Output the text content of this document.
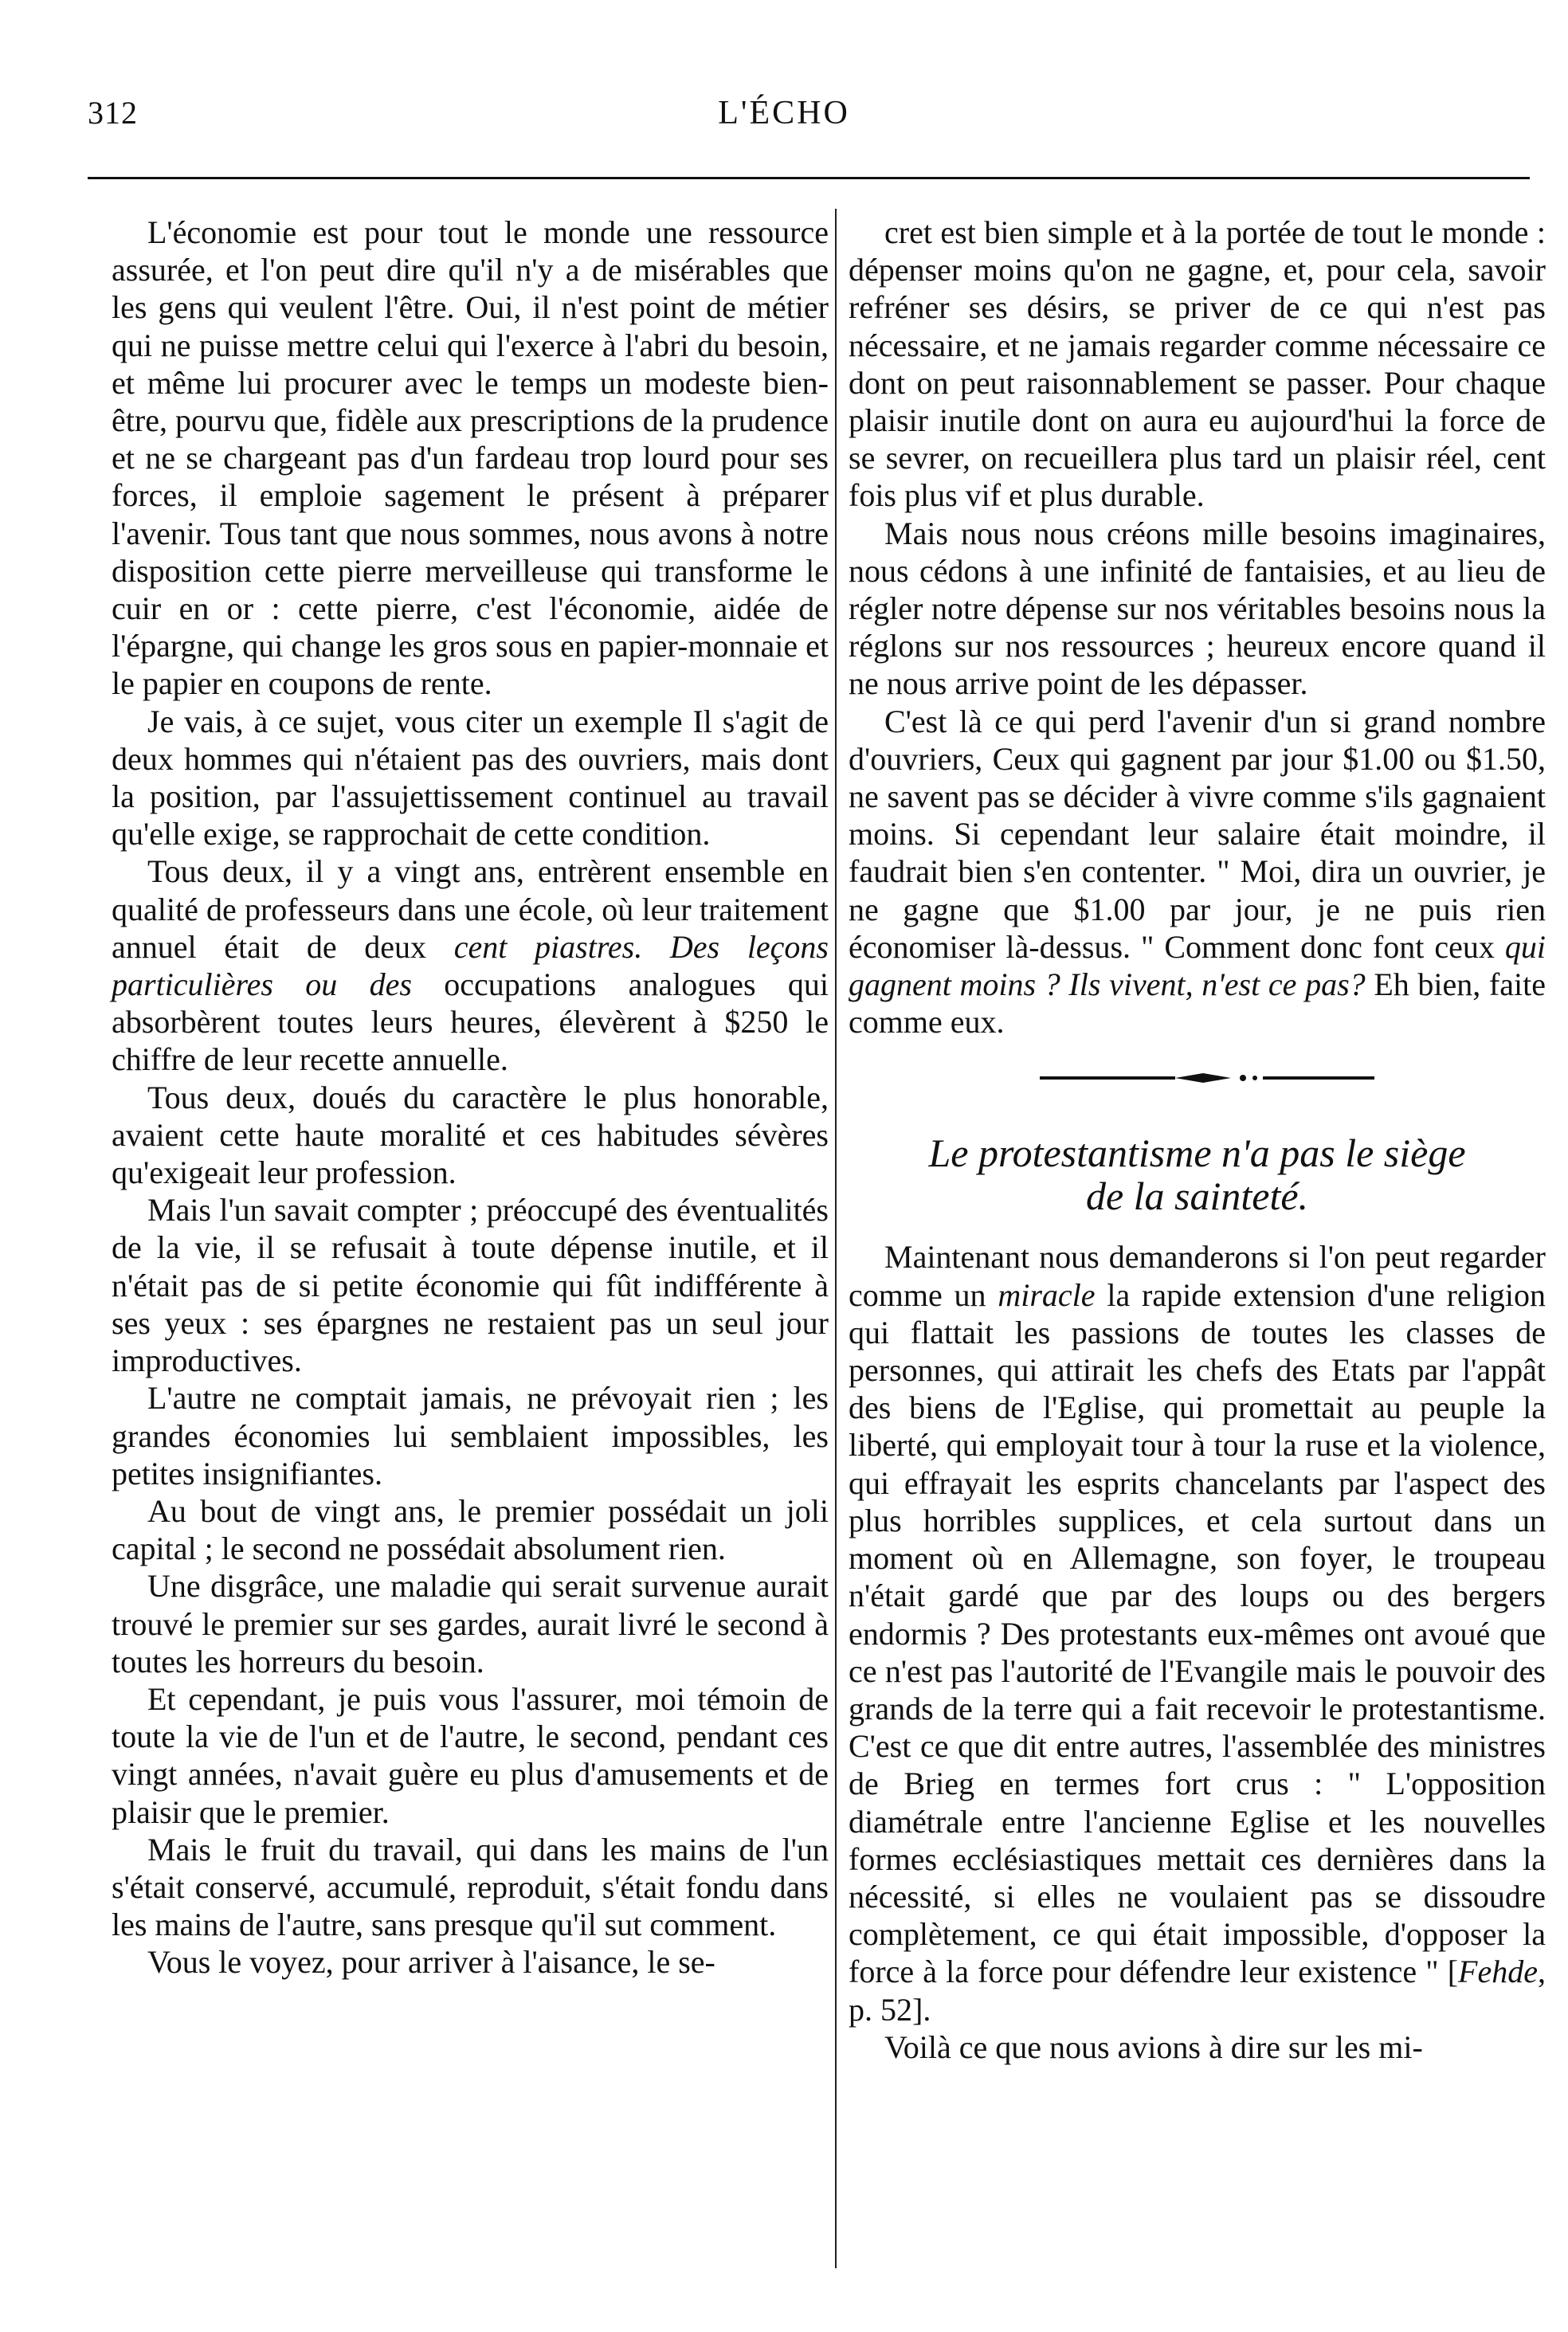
312	L'ÉCHO

L'économie est pour tout le monde une ressource assurée, et l'on peut dire qu'il n'y a de misérables que les gens qui veulent l'être. Oui, il n'est point de métier qui ne puisse mettre celui qui l'exerce à l'abri du besoin, et même lui procurer avec le temps un modeste bien-être, pourvu que, fidèle aux prescriptions de la prudence et ne se chargeant pas d'un fardeau trop lourd pour ses forces, il emploie sagement le présent à préparer l'avenir. Tous tant que nous sommes, nous avons à notre disposition cette pierre merveilleuse qui transforme le cuir en or : cette pierre, c'est l'économie, aidée de l'épargne, qui change les gros sous en papier-monnaie et le papier en coupons de rente.

Je vais, à ce sujet, vous citer un exemple Il s'agit de deux hommes qui n'étaient pas des ouvriers, mais dont la position, par l'assujettissement continuel au travail qu'elle exige, se rapprochait de cette condition.

Tous deux, il y a vingt ans, entrèrent ensemble en qualité de professeurs dans une école, où leur traitement annuel était de deux cent piastres. Des leçons particulières ou des occupations analogues qui absorbèrent toutes leurs heures, élevèrent à $250 le chiffre de leur recette annuelle.

Tous deux, doués du caractère le plus honorable, avaient cette haute moralité et ces habitudes sévères qu'exigeait leur profession.

Mais l'un savait compter ; préoccupé des éventualités de la vie, il se refusait à toute dépense inutile, et il n'était pas de si petite économie qui fût indifférente à ses yeux : ses épargnes ne restaient pas un seul jour improductives.

L'autre ne comptait jamais, ne prévoyait rien ; les grandes économies lui semblaient impossibles, les petites insignifiantes.

Au bout de vingt ans, le premier possédait un joli capital ; le second ne possédait absolument rien.

Une disgrâce, une maladie qui serait survenue aurait trouvé le premier sur ses gardes, aurait livré le second à toutes les horreurs du besoin.

Et cependant, je puis vous l'assurer, moi témoin de toute la vie de l'un et de l'autre, le second, pendant ces vingt années, n'avait guère eu plus d'amusements et de plaisir que le premier.

Mais le fruit du travail, qui dans les mains de l'un s'était conservé, accumulé, reproduit, s'était fondu dans les mains de l'autre, sans presque qu'il sut comment.

Vous le voyez, pour arriver à l'aisance, le se-

cret est bien simple et à la portée de tout le monde : dépenser moins qu'on ne gagne, et, pour cela, savoir refréner ses désirs, se priver de ce qui n'est pas nécessaire, et ne jamais regarder comme nécessaire ce dont on peut raisonnablement se passer. Pour chaque plaisir inutile dont on aura eu aujourd'hui la force de se sevrer, on recueillera plus tard un plaisir réel, cent fois plus vif et plus durable.

Mais nous nous créons mille besoins imaginaires, nous cédons à une infinité de fantaisies, et au lieu de régler notre dépense sur nos véritables besoins nous la réglons sur nos ressources ; heureux encore quand il ne nous arrive point de les dépasser.

C'est là ce qui perd l'avenir d'un si grand nombre d'ouvriers, Ceux qui gagnent par jour $1.00 ou $1.50, ne savent pas se décider à vivre comme s'ils gagnaient moins. Si cependant leur salaire était moindre, il faudrait bien s'en contenter. " Moi, dira un ouvrier, je ne gagne que $1.00 par jour, je ne puis rien économiser là-dessus. " Comment donc font ceux qui gagnent moins ? Ils vivent, n'est ce pas? Eh bien, faite comme eux.

Le protestantisme n'a pas le siège
de la sainteté.

Maintenant nous demanderons si l'on peut regarder comme un miracle la rapide extension d'une religion qui flattait les passions de toutes les classes de personnes, qui attirait les chefs des Etats par l'appât des biens de l'Eglise, qui promettait au peuple la liberté, qui employait tour à tour la ruse et la violence, qui effrayait les esprits chancelants par l'aspect des plus horribles supplices, et cela surtout dans un moment où en Allemagne, son foyer, le troupeau n'était gardé que par des loups ou des bergers endormis ? Des protestants eux-mêmes ont avoué que ce n'est pas l'autorité de l'Evangile mais le pouvoir des grands de la terre qui a fait recevoir le protestantisme. C'est ce que dit entre autres, l'assemblée des ministres de Brieg en termes fort crus : " L'opposition diamétrale entre l'ancienne Eglise et les nouvelles formes ecclésiastiques mettait ces dernières dans la nécessité, si elles ne voulaient pas se dissoudre complètement, ce qui était impossible, d'opposer la force à la force pour défendre leur existence " [Fehde, p. 52].

Voilà ce que nous avions à dire sur les mi-
